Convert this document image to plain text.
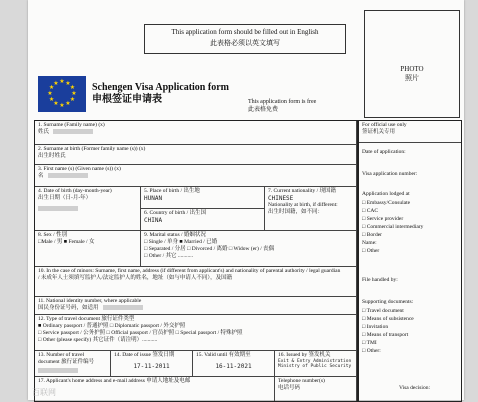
This application form should be filled out in English
此表格必须以英文填写
PHOTO
照片
★
★
★
★
★
★
★
★
★ ★ ★
★ Schengen Visa Application form
申根签证申请表	This application form is free
此表格免费
1. Surname (Family name) (x)
姓氏
2. Surname at birth (Former family name (s)) (x)
出生时姓氏
3. First name (s) (Given name (s)) (x)
名
4. Date of birth (day-month-year)
出生日期（日-月-年）
5. Place of birth / 出生地
HUNAN
6. Country of birth / 出生国
CHINA
7. Current nationality / 现国籍
CHINESE
Nationality at birth, if different:
出生时国籍，如不同：
8. Sex / 性别
□Male / 男 ■ Female / 女
9. Marital status / 婚姻状况
□ Single / 单身 ■ Married / 已婚
□ Separated / 分居 □ Divorced / 离婚 □ Widow (er) / 丧偶
□ Other / 其它 ...........
10. In the case of minors: Surname, first name, address (if different from applicant's) and nationality of parental authority / legal guardian
/ 未成年人士须填写监护人/法定监护人的姓名，地址（如与申请人不同），及国籍
11. National identity number, where applicable
国民身份证号码，如适用
12. Type of travel document 旅行证件类型
■ Ordinary passport / 普通护照 □ Diplomatic passport / 外交护照
□ Service passport / 公务护照 □ Official passport / 官员护照 □ Special passport / 特殊护照
□ Other (please specify) 其它证件（请注明）...........
13. Number of travel document 旅行证件编号
14. Date of issue 签发日期
17-11-2011
15. Valid until 有效期至
16-11-2021
16. Issued by 签发机关
Exit & Entry Administration Ministry of Public Security
17. Applicant's home address and e-mail address 申请人地址及电邮	Telephone number(s)
电话号码
For official use only
签证机关专用
Date of application:
Visa application number:
Application lodged at
□ Embassy/Consulate
□ CAC
□ Service provider
□ Commercial intermediary
□ Border
Name:
□ Other
File handled by:
Supporting documents:
□ Travel document
□ Means of subsistence
□ Invitation
□ Means of transport
□ TMI
□ Other:
Visa decision:
百联网
